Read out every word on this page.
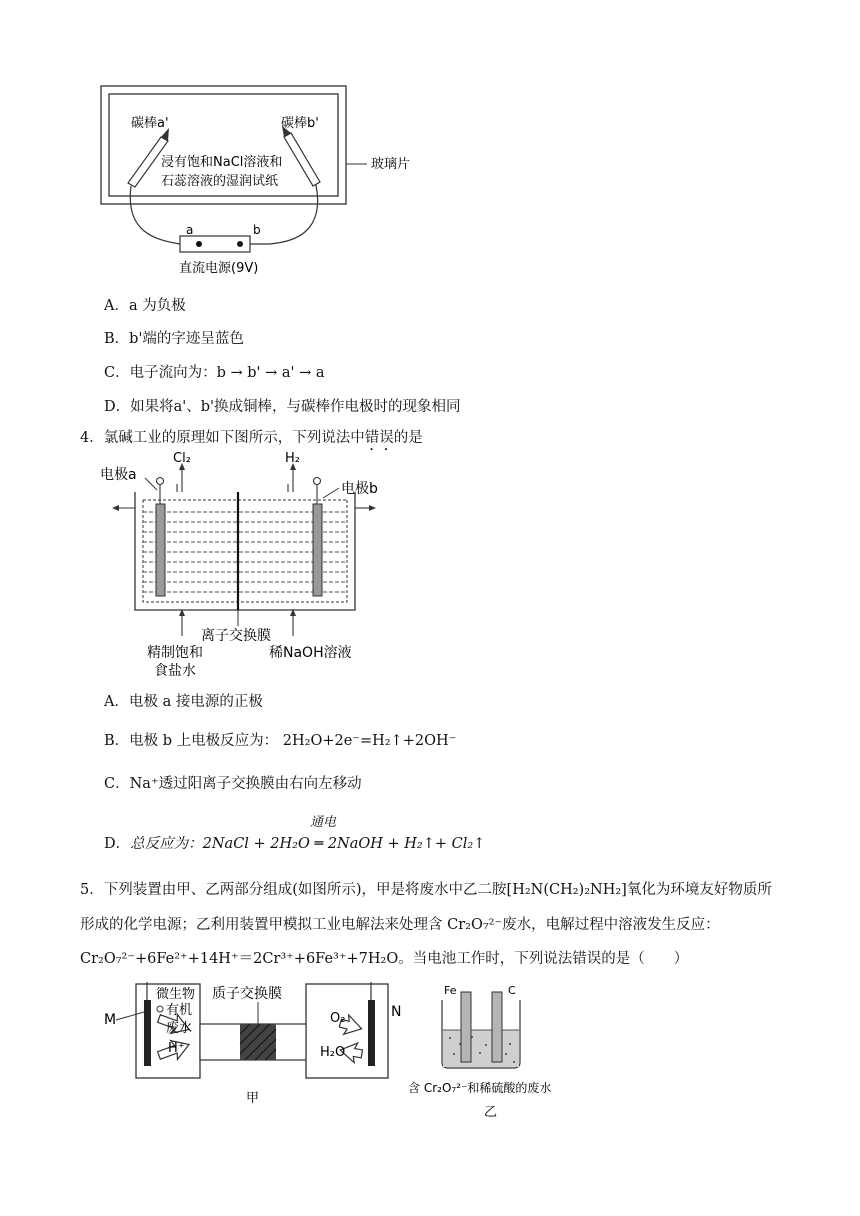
碳棒a'	碳棒b'
浸有饱和NaCl溶液和
石蕊溶液的湿润试纸
玻璃片
a	b
直流电源(9V)
A．a 为负极
B．b'端的字迹呈蓝色
C．电子流向为：b → b' → a' → a
D．如果将a'、b'换成铜棒，与碳棒作电极时的现象相同
4．氯碱工业的原理如下图所示，下列说法中错误的是
Cl₂	H₂
电极a
电极b
离子交换膜
精制饱和
食盐水
稀NaOH溶液
A．电极 a 接电源的正极
B．电极 b 上电极反应为： 2H₂O+2e⁻=H₂↑+2OH⁻
C．Na⁺透过阳离子交换膜由右向左移动
通电
D．总反应为：2NaCl + 2H₂O ═ 2NaOH + H₂↑+ Cl₂↑
5．下列装置由甲、乙两部分组成(如图所示)，甲是将废水中乙二胺[H₂N(CH₂)₂NH₂]氧化为环境友好物质所
形成的化学电源；乙利用装置甲模拟工业电解法来处理含 Cr₂O₇²⁻废水，电解过程中溶液发生反应：
Cr₂O₇²⁻+6Fe²⁺+14H⁺＝2Cr³⁺+6Fe³⁺+7H₂O。当电池工作时，下列说法错误的是（　　）
M	N
微生物
有机
废水
H⁺
质子交换膜
O₂
H₂O
甲
Fe	C
含 Cr₂O₇²⁻和稀硫酸的废水
乙
